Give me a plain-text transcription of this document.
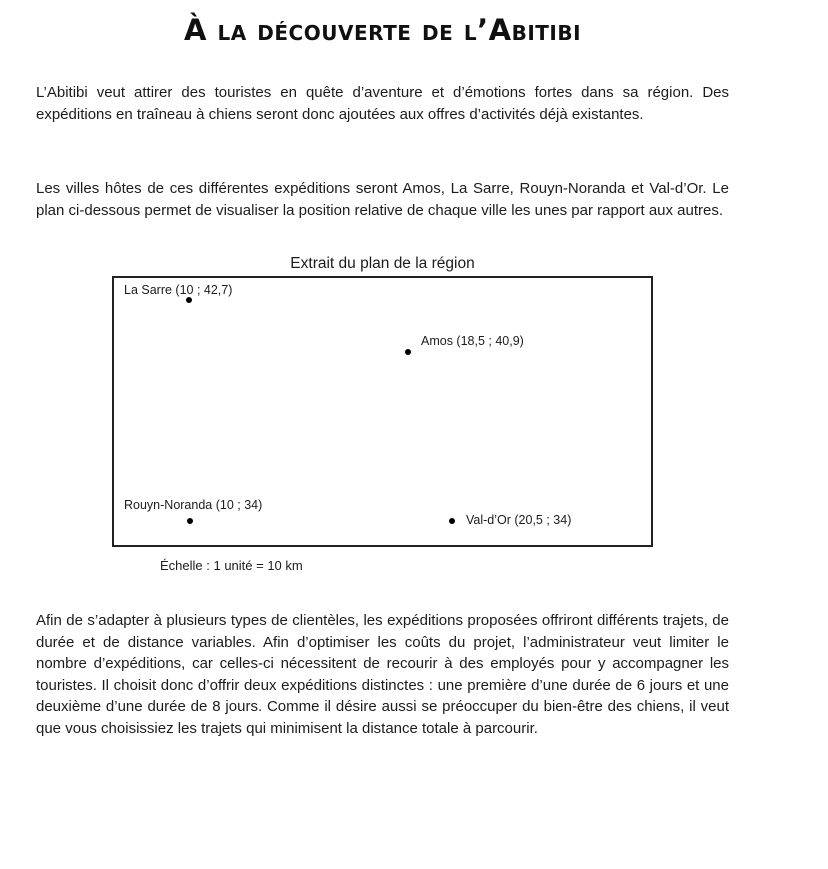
À la découverte de l’Abitibi

L’Abitibi veut attirer des touristes en quête d’aventure et d’émotions fortes dans sa région. Des expéditions en traîneau à chiens seront donc ajoutées aux offres d’activités déjà existantes.

Les villes hôtes de ces différentes expéditions seront Amos, La Sarre, Rouyn-Noranda et Val-d’Or. Le plan ci-dessous permet de visualiser la position relative de chaque ville les unes par rapport aux autres.

Extrait du plan de la région
La Sarre (10 ; 42,7)
Amos (18,5 ; 40,9)
Rouyn-Noranda (10 ; 34)
Val-d’Or (20,5 ; 34)
Échelle : 1 unité = 10 km

Afin de s’adapter à plusieurs types de clientèles, les expéditions proposées offriront différents trajets, de durée et de distance variables. Afin d’optimiser les coûts du projet, l’administrateur veut limiter le nombre d’expéditions, car celles-ci nécessitent de recourir à des employés pour y accompagner les touristes. Il choisit donc d’offrir deux expéditions distinctes : une première d’une durée de 6 jours et une deuxième d’une durée de 8 jours. Comme il désire aussi se préoccuper du bien-être des chiens, il veut que vous choisissiez les trajets qui minimisent la distance totale à parcourir.
